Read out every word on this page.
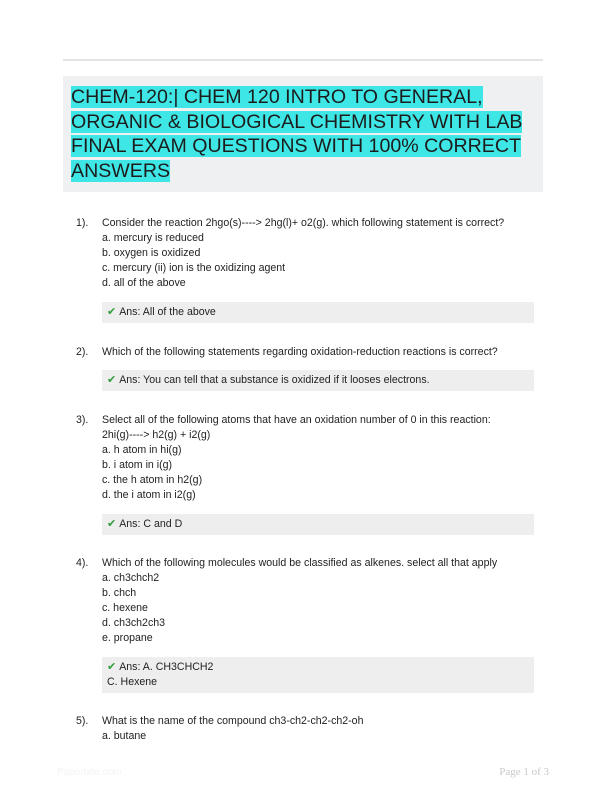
CHEM-120:| CHEM 120 INTRO TO GENERAL,
ORGANIC & BIOLOGICAL CHEMISTRY WITH LAB
FINAL EXAM QUESTIONS WITH 100% CORRECT
ANSWERS

1). Consider the reaction 2hgo(s)----> 2hg(l)+ o2(g). which following statement is correct?
a. mercury is reduced
b. oxygen is oxidized
c. mercury (ii) ion is the oxidizing agent
d. all of the above
✔ Ans: All of the above
2). Which of the following statements regarding oxidation-reduction reactions is correct?
✔ Ans: You can tell that a substance is oxidized if it looses electrons.
3). Select all of the following atoms that have an oxidation number of 0 in this reaction:
2hi(g)----> h2(g) + i2(g)
a. h atom in hi(g)
b. i atom in i(g)
c. the h atom in h2(g)
d. the i atom in i2(g)
✔ Ans: C and D
4). Which of the following molecules would be classified as alkenes. select all that apply
a. ch3chch2
b. chch
c. hexene
d. ch3ch2ch3
e. propane
✔ Ans: A. CH3CHCH2
C. Hexene
5). What is the name of the compound ch3-ch2-ch2-ch2-oh
a. butane
Paperbite.com	Page 1 of 3
